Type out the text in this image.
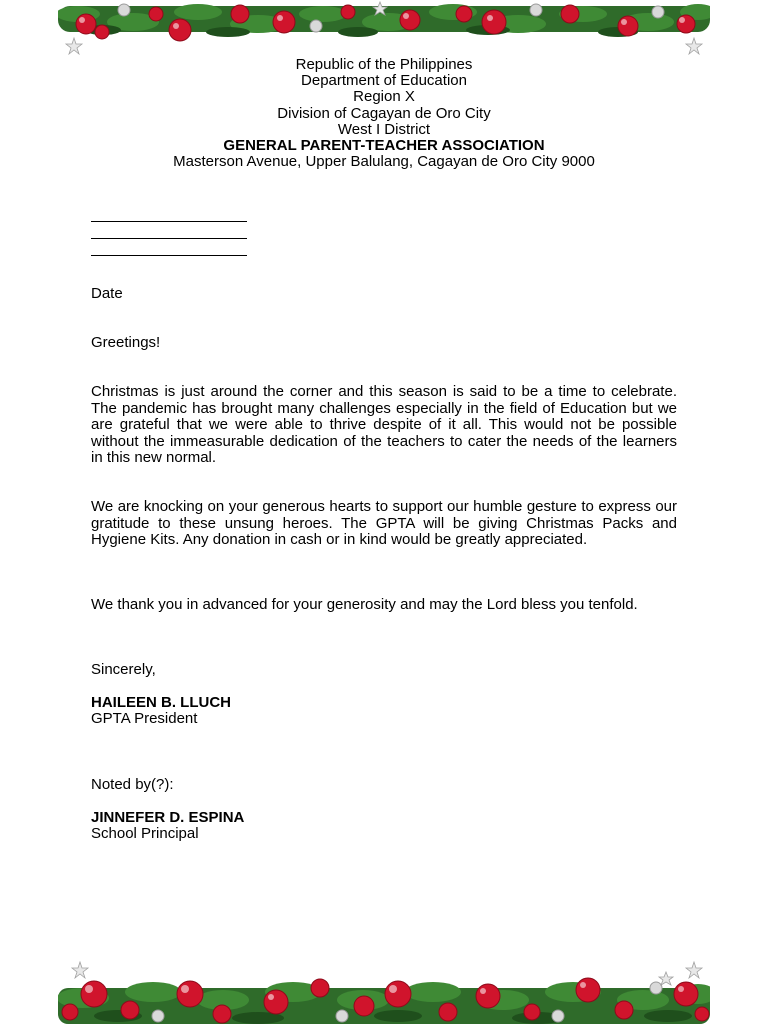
Republic of the Philippines
Department of Education
Region X
Division of Cagayan de Oro City
West I District
GENERAL PARENT-TEACHER ASSOCIATION
Masterson Avenue, Upper Balulang, Cagayan de Oro City 9000
Date
Greetings!
Christmas is just around the corner and this season is said to be a time to celebrate. The pandemic has brought many challenges especially in the field of Education but we are grateful that we were able to thrive despite of it all. This would not be possible without the immeasurable dedication of the teachers to cater the needs of the learners in this new normal.
We are knocking on your generous hearts to support our humble gesture to express our gratitude to these unsung heroes. The GPTA will be giving Christmas Packs and Hygiene Kits. Any donation in cash or in kind would be greatly appreciated.
We thank you in advanced for your generosity and may the Lord bless you tenfold.
Sincerely,
HAILEEN B. LLUCH
GPTA President
Noted by(?):
JINNEFER D. ESPINA
School Principal
